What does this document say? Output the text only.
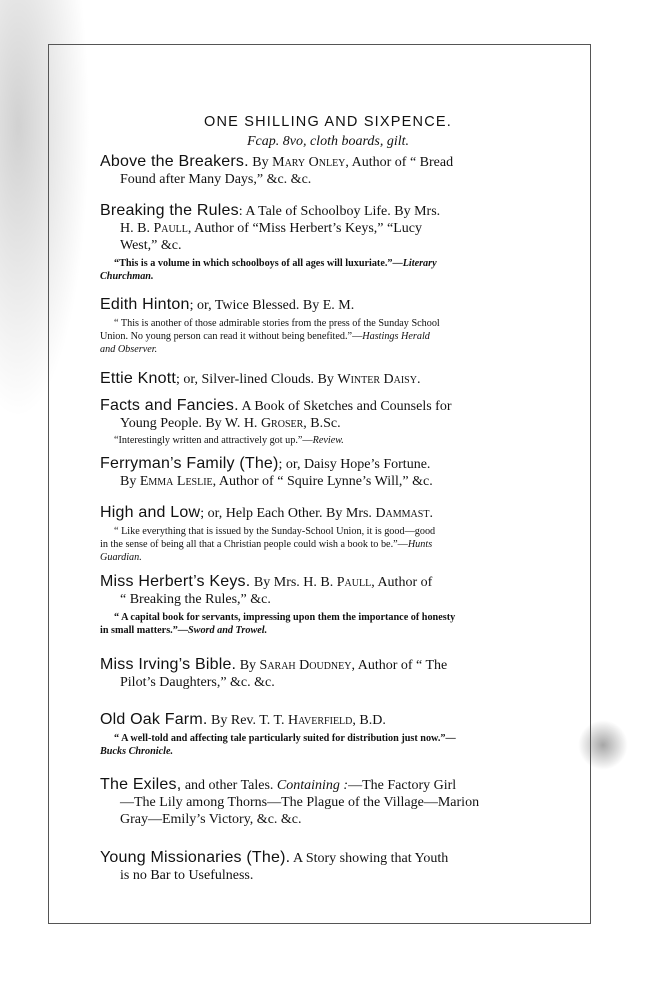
ONE SHILLING AND SIXPENCE.
Fcap. 8vo, cloth boards, gilt.
Above the Breakers. By Mary Onley, Author of “ Bread
Found after Many Days,” &c. &c.
Breaking the Rules: A Tale of Schoolboy Life. By Mrs.
H. B. Paull, Author of “Miss Herbert’s Keys,” “Lucy
West,” &c.
“This is a volume in which schoolboys of all ages will luxuriate.”—Literary
Churchman.
Edith Hinton; or, Twice Blessed. By E. M.
“ This is another of those admirable stories from the press of the Sunday School
Union. No young person can read it without being benefited.”—Hastings Herald
and Observer.
Ettie Knott; or, Silver-lined Clouds. By Winter Daisy.
Facts and Fancies. A Book of Sketches and Counsels for
Young People. By W. H. Groser, B.Sc.
“Interestingly written and attractively got up.”—Review.
Ferryman’s Family (The); or, Daisy Hope’s Fortune.
By Emma Leslie, Author of “ Squire Lynne’s Will,” &c.
High and Low; or, Help Each Other. By Mrs. Dammast.
“ Like everything that is issued by the Sunday-School Union, it is good—good
in the sense of being all that a Christian people could wish a book to be.”—Hunts
Guardian.
Miss Herbert’s Keys. By Mrs. H. B. Paull, Author of
“ Breaking the Rules,” &c.
“ A capital book for servants, impressing upon them the importance of honesty
in small matters.”—Sword and Trowel.
Miss Irving’s Bible. By Sarah Doudney, Author of “ The
Pilot’s Daughters,” &c. &c.
Old Oak Farm. By Rev. T. T. Haverfield, B.D.
“ A well-told and affecting tale particularly suited for distribution just now.”—
Bucks Chronicle.
The Exiles, and other Tales. Containing :—The Factory Girl
—The Lily among Thorns—The Plague of the Village—Marion
Gray—Emily’s Victory, &c. &c.
Young Missionaries (The). A Story showing that Youth
is no Bar to Usefulness.
